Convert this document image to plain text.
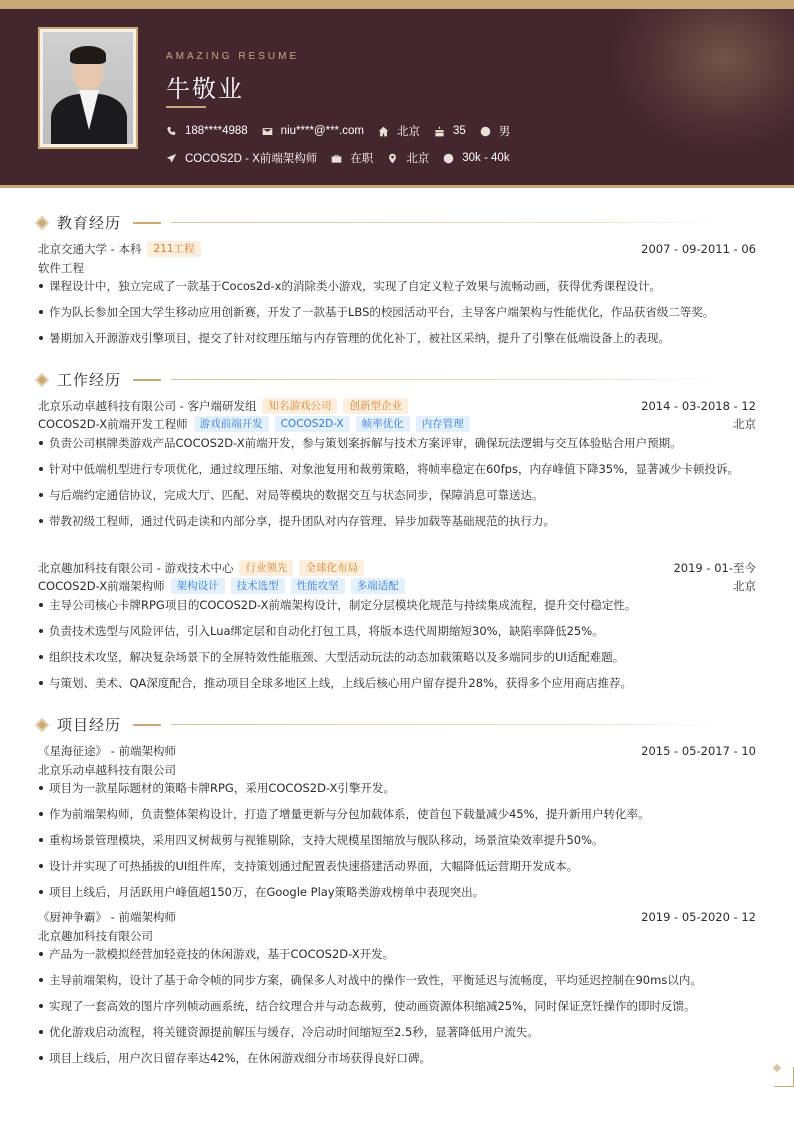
AMAZING RESUME
牛敬业
188****4988	niu****@***.com	北京	35	男
COCOS2D - X前端架构师	在职	北京	30k - 40k
教育经历
北京交通大学 - 本科	211工程	2007 - 09-2011 - 06
软件工程
课程设计中，独立完成了一款基于Cocos2d-x的消除类小游戏，实现了自定义粒子效果与流畅动画，获得优秀课程设计。
作为队长参加全国大学生移动应用创新赛，开发了一款基于LBS的校园活动平台，主导客户端架构与性能优化，作品获省级二等奖。
暑期加入开源游戏引擎项目，提交了针对纹理压缩与内存管理的优化补丁，被社区采纳，提升了引擎在低端设备上的表现。
工作经历
北京乐动卓越科技有限公司 - 客户端研发组	知名游戏公司	创新型企业	2014 - 03-2018 - 12
COCOS2D-X前端开发工程师	游戏前端开发	COCOS2D-X	帧率优化	内存管理	北京
负责公司棋牌类游戏产品COCOS2D-X前端开发，参与策划案拆解与技术方案评审，确保玩法逻辑与交互体验贴合用户预期。
针对中低端机型进行专项优化，通过纹理压缩、对象池复用和裁剪策略，将帧率稳定在60fps，内存峰值下降35%，显著减少卡顿投诉。
与后端约定通信协议，完成大厅、匹配、对局等模块的数据交互与状态同步，保障消息可靠送达。
带教初级工程师，通过代码走读和内部分享，提升团队对内存管理、异步加载等基础规范的执行力。
北京趣加科技有限公司 - 游戏技术中心	行业领先	全球化布局	2019 - 01-至今
COCOS2D-X前端架构师	架构设计	技术选型	性能攻坚	多端适配	北京
主导公司核心卡牌RPG项目的COCOS2D-X前端架构设计，制定分层模块化规范与持续集成流程，提升交付稳定性。
负责技术选型与风险评估，引入Lua绑定层和自动化打包工具，将版本迭代周期缩短30%，缺陷率降低25%。
组织技术攻坚，解决复杂场景下的全屏特效性能瓶颈、大型活动玩法的动态加载策略以及多端同步的UI适配难题。
与策划、美术、QA深度配合，推动项目全球多地区上线，上线后核心用户留存提升28%，获得多个应用商店推荐。
项目经历
《星海征途》 - 前端架构师	2015 - 05-2017 - 10
北京乐动卓越科技有限公司
项目为一款星际题材的策略卡牌RPG，采用COCOS2D-X引擎开发。
作为前端架构师，负责整体架构设计，打造了增量更新与分包加载体系，使首包下载量减少45%，提升新用户转化率。
重构场景管理模块，采用四叉树裁剪与视锥剔除，支持大规模星图缩放与舰队移动，场景渲染效率提升50%。
设计并实现了可热插拔的UI组件库，支持策划通过配置表快速搭建活动界面，大幅降低运营期开发成本。
项目上线后，月活跃用户峰值超150万，在Google Play策略类游戏榜单中表现突出。
《厨神争霸》 - 前端架构师	2019 - 05-2020 - 12
北京趣加科技有限公司
产品为一款模拟经营加轻竞技的休闲游戏，基于COCOS2D-X开发。
主导前端架构，设计了基于命令帧的同步方案，确保多人对战中的操作一致性，平衡延迟与流畅度，平均延迟控制在90ms以内。
实现了一套高效的图片序列帧动画系统，结合纹理合并与动态裁剪，使动画资源体积缩减25%，同时保证烹饪操作的即时反馈。
优化游戏启动流程，将关键资源提前解压与缓存，冷启动时间缩短至2.5秒，显著降低用户流失。
项目上线后，用户次日留存率达42%，在休闲游戏细分市场获得良好口碑。
